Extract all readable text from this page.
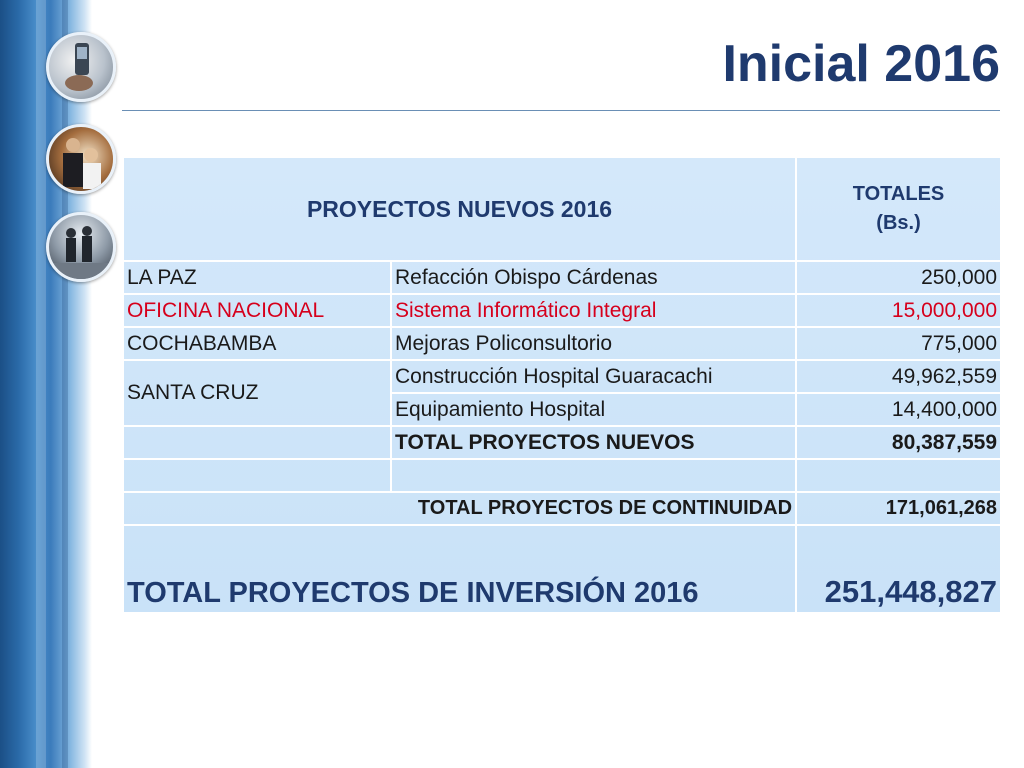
Inicial 2016
PROYECTOS NUEVOS 2016		TOTALES
(Bs.)

LA PAZ	Refacción Obispo Cárdenas	250,000
OFICINA NACIONAL	Sistema Informático Integral	15,000,000
COCHABAMBA	Mejoras Policonsultorio	775,000
SANTA CRUZ	Construcción Hospital Guaracachi	49,962,559
	Equipamiento Hospital	14,400,000
	TOTAL PROYECTOS NUEVOS	80,387,559

TOTAL PROYECTOS DE CONTINUIDAD		171,061,268
TOTAL PROYECTOS DE INVERSIÓN 2016		251,448,827
